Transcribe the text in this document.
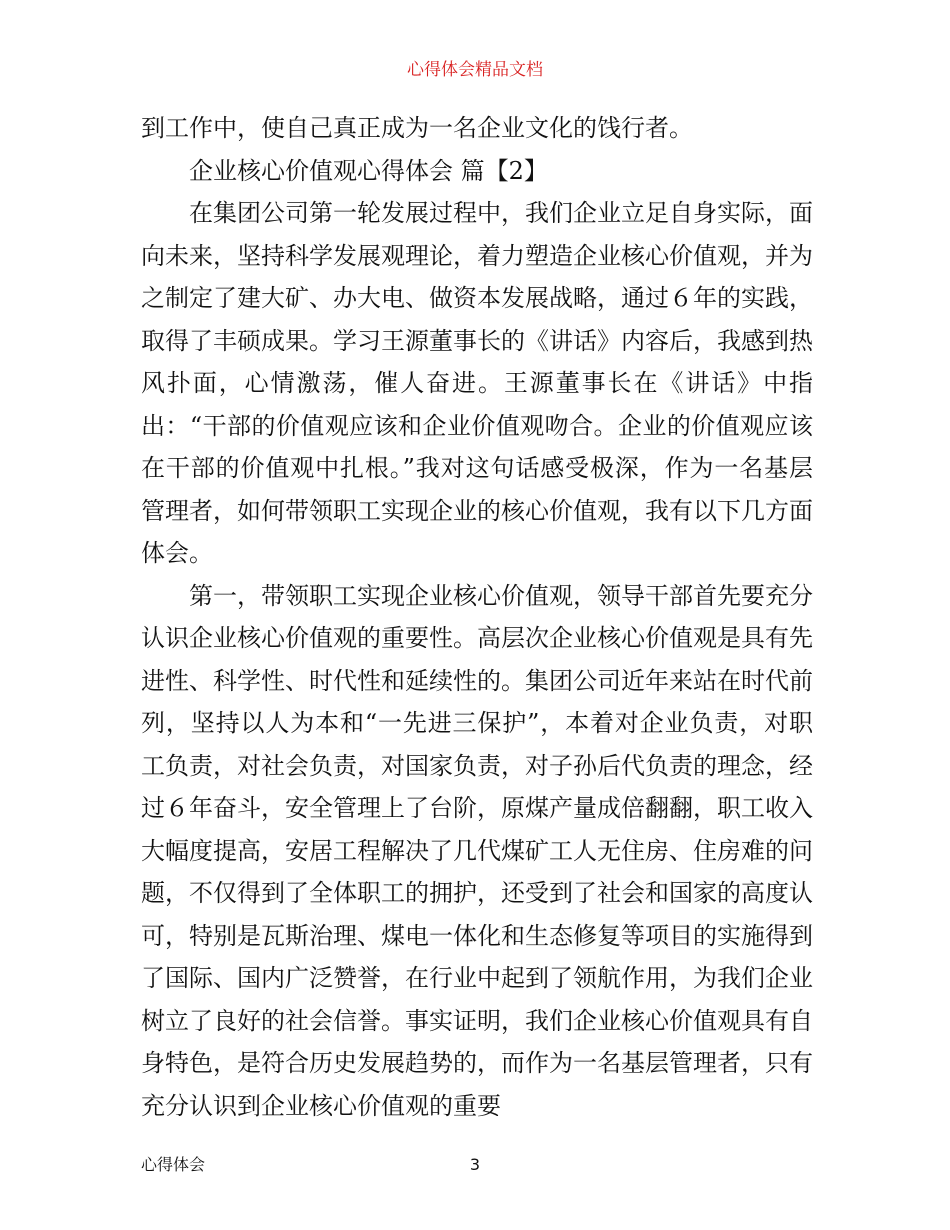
心得体会精品文档

到工作中，使自己真正成为一名企业文化的饯行者。

企业核心价值观心得体会 篇【2】

在集团公司第一轮发展过程中，我们企业立足自身实际，面向未来，坚持科学发展观理论，着力塑造企业核心价值观，并为之制定了建大矿、办大电、做资本发展战略，通过６年的实践，取得了丰硕成果。学习王源董事长的《讲话》内容后，我感到热风扑面，心情激荡，催人奋进。王源董事长在《讲话》中指出：“干部的价值观应该和企业价值观吻合。企业的价值观应该在干部的价值观中扎根。”我对这句话感受极深，作为一名基层管理者，如何带领职工实现企业的核心价值观，我有以下几方面体会。

第一，带领职工实现企业核心价值观，领导干部首先要充分认识企业核心价值观的重要性。高层次企业核心价值观是具有先进性、科学性、时代性和延续性的。集团公司近年来站在时代前列，坚持以人为本和“一先进三保护”，本着对企业负责，对职工负责，对社会负责，对国家负责，对子孙后代负责的理念，经过６年奋斗，安全管理上了台阶，原煤产量成倍翻翻，职工收入大幅度提高，安居工程解决了几代煤矿工人无住房、住房难的问题，不仅得到了全体职工的拥护，还受到了社会和国家的高度认可，特别是瓦斯治理、煤电一体化和生态修复等项目的实施得到了国际、国内广泛赞誉，在行业中起到了领航作用，为我们企业树立了良好的社会信誉。事实证明，我们企业核心价值观具有自身特色，是符合历史发展趋势的，而作为一名基层管理者，只有充分认识到企业核心价值观的重要

心得体会	3
